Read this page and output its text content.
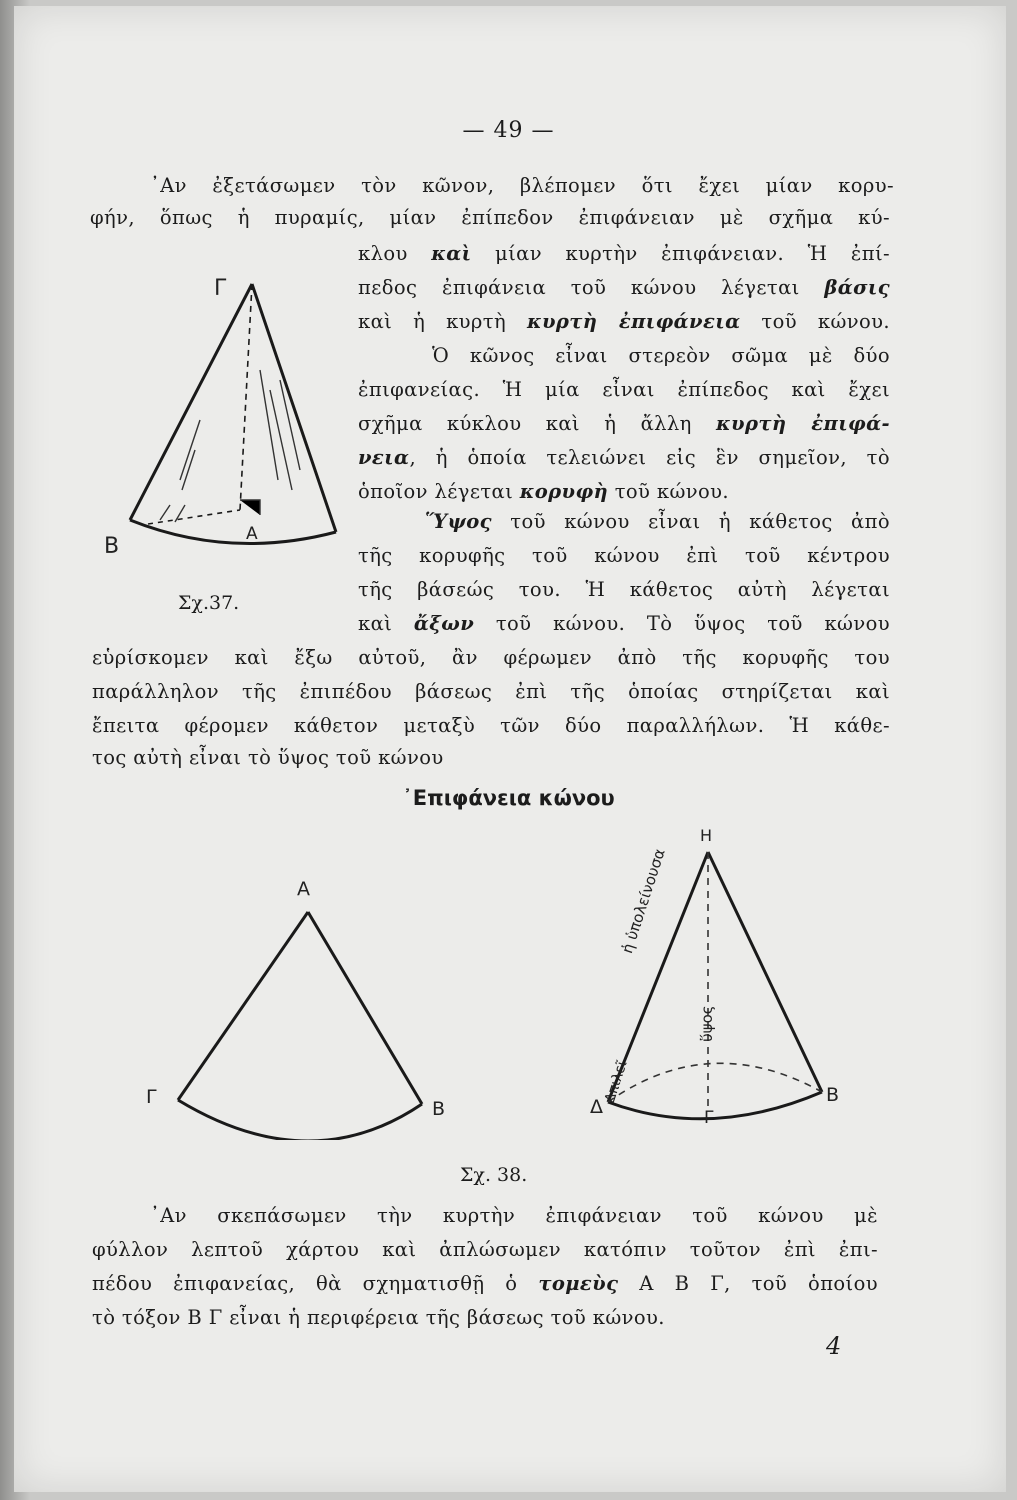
— 49 —
᾽Αν ἐξετάσωμεν τὸν κῶνον, βλέπομεν ὅτι ἔχει μίαν κορυ-
φήν, ὅπως ἡ πυραμίς, μίαν ἐπίπεδον ἐπιφάνειαν μὲ σχῆμα κύ-
κλου καὶ μίαν κυρτὴν ἐπιφάνειαν. Ἡ ἐπί-
πεδος ἐπιφάνεια τοῦ κώνου λέγεται βάσις
καὶ ἡ κυρτὴ κυρτὴ ἐπιφάνεια τοῦ κώνου.
Ὁ κῶνος εἶναι στερεὸν σῶμα μὲ δύο
ἐπιφανείας. Ἡ μία εἶναι ἐπίπεδος καὶ ἔχει
σχῆμα κύκλου καὶ ἡ ἄλλη κυρτὴ ἐπιφά-
νεια, ἡ ὁποία τελειώνει εἰς ἓν σημεῖον, τὸ
ὁποῖον λέγεται κορυφὴ τοῦ κώνου.
Ὕψος τοῦ κώνου εἶναι ἡ κάθετος ἀπὸ
τῆς κορυφῆς τοῦ κώνου ἐπὶ τοῦ κέντρου
τῆς βάσεώς του. Ἡ κάθετος αὐτὴ λέγεται
καὶ ἄξων τοῦ κώνου. Τὸ ὕψος τοῦ κώνου
εὑρίσκομεν καὶ ἔξω αὐτοῦ, ἂν φέρωμεν ἀπὸ τῆς κορυφῆς του
παράλληλον τῆς ἐπιπέδου βάσεως ἐπὶ τῆς ὁποίας στηρίζεται καὶ
ἔπειτα φέρομεν κάθετον μεταξὺ τῶν δύο παραλλήλων. Ἡ κάθε-
τος αὐτὴ εἶναι τὸ ὕψος τοῦ κώνου
Γ
Β	Α
Σχ.37.
᾽Επιφάνεια κώνου
Α
Γ
Β
Η
Δ
Β
Γ
ἡ ὑπολείνουσα
ὕψος
Δπιλεῖ
Σχ. 38.
᾽Αν σκεπάσωμεν τὴν κυρτὴν ἐπιφάνειαν τοῦ κώνου μὲ
φύλλον λεπτοῦ χάρτου καὶ ἀπλώσωμεν κατόπιν τοῦτον ἐπὶ ἐπι-
πέδου ἐπιφανείας, θὰ σχηματισθῇ ὁ τομεὺς Α Β Γ, τοῦ ὁποίου
τὸ τόξον Β Γ εἶναι ἡ περιφέρεια τῆς βάσεως τοῦ κώνου.
4
